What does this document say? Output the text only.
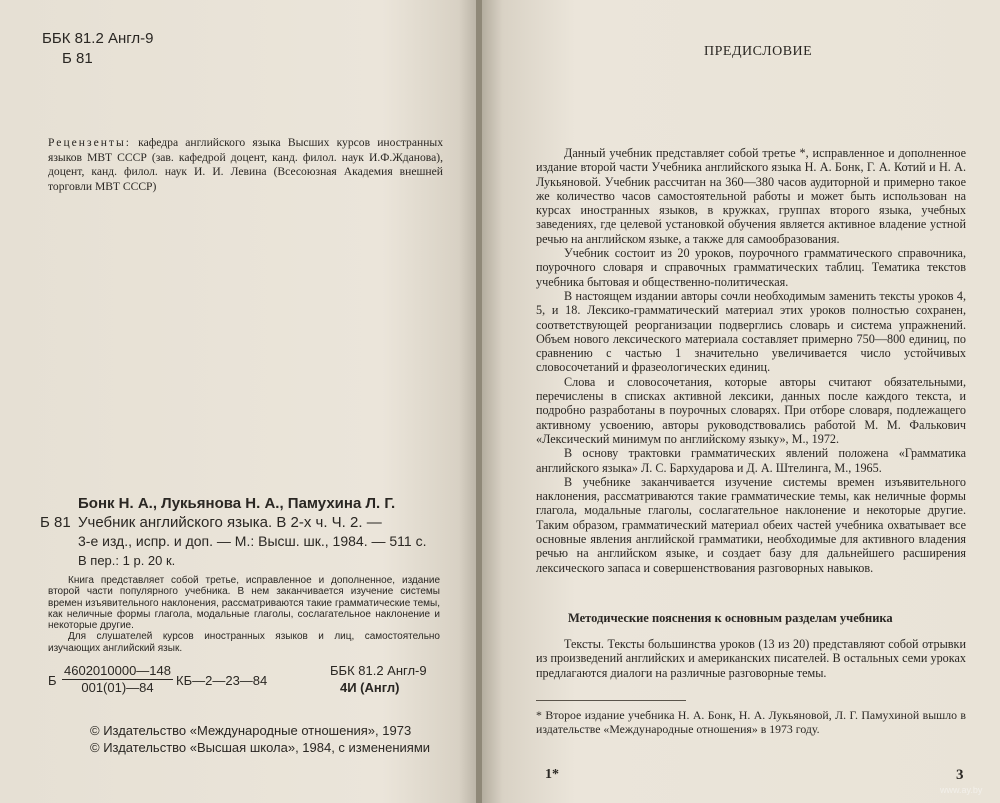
ББК 81.2 Англ-9
Б 81
Рецензенты: кафедра английского языка Высших курсов иностранных языков МВТ СССР (зав. кафедрой доцент, канд. филол. наук И.Ф.Жданова), доцент, канд. филол. наук И. И. Левина (Всесоюзная Академия внешней торговли МВТ СССР)
Бонк Н. А., Лукьянова Н. А., Памухина Л. Г.
Б 81 Учебник английского языка. В 2-х ч. Ч. 2. —
3-е изд., испр. и доп. — М.: Высш. шк., 1984. — 511 с.
В пер.: 1 р. 20 к.
Книга представляет собой третье, исправленное и дополненное, издание второй части популярного учебника. В нем заканчивается изучение системы времен изъявительного наклонения, рассматриваются такие грамматические темы, как неличные формы глагола, модальные глаголы, сослагательное наклонение и некоторые другие.
Для слушателей курсов иностранных языков и лиц, самостоятельно изучающих английский язык.
Б $\frac{4602010000—148}{001(01)—84}$ КБ—2—23—84
ББК 81.2 Англ-9
4И (Англ)
© Издательство «Международные отношения», 1973
© Издательство «Высшая школа», 1984, с изменениями
ПРЕДИСЛОВИЕ

Данный учебник представляет собой третье *, исправленное и дополненное издание второй части Учебника английского языка Н. А. Бонк, Г. А. Котий и Н. А. Лукьяновой. Учебник рассчитан на 360—380 часов аудиторной и примерно такое же количество часов самостоятельной работы и может быть использован на курсах иностранных языков, в кружках, группах второго языка, учебных заведениях, где целевой установкой обучения является активное владение устной речью на английском языке, а также для самообразования.

Учебник состоит из 20 уроков, поурочного грамматического справочника, поурочного словаря и справочных грамматических таблиц. Тематика текстов учебника бытовая и общественно-политическая.

В настоящем издании авторы сочли необходимым заменить тексты уроков 4, 5, и 18. Лексико-грамматический материал этих уроков полностью сохранен, соответствующей реорганизации подверглись словарь и система упражнений. Объем нового лексического материала составляет примерно 750—800 единиц, по сравнению с частью 1 значительно увеличивается число устойчивых словосочетаний и фразеологических единиц.

Слова и словосочетания, которые авторы считают обязательными, перечислены в списках активной лексики, данных после каждого текста, и подробно разработаны в поурочных словарях. При отборе словаря, подлежащего активному усвоению, авторы руководствовались работой М. М. Фалькович «Лексический минимум по английскому языку», М., 1972.

В основу трактовки грамматических явлений положена «Грамматика английского языка» Л. С. Бархударова и Д. А. Штелинга, М., 1965.

В учебнике заканчивается изучение системы времен изъявительного наклонения, рассматриваются такие грамматические темы, как неличные формы глагола, модальные глаголы, сослагательное наклонение и некоторые другие. Таким образом, грамматический материал обеих частей учебника охватывает все основные явления английской грамматики, необходимые для активного владения речью на английском языке, и создает базу для дальнейшего расширения лексического запаса и совершенствования разговорных навыков.

Методические пояснения к основным разделам учебника

Тексты. Тексты большинства уроков (13 из 20) представляют собой отрывки из произведений английских и американских писателей. В остальных семи уроках предлагаются диалоги на различные разговорные темы.

* Второе издание учебника Н. А. Бонк, Н. А. Лукьяновой, Л. Г. Памухиной вышло в издательстве «Международные отношения» в 1973 году.
1*	3
www.ay.by
